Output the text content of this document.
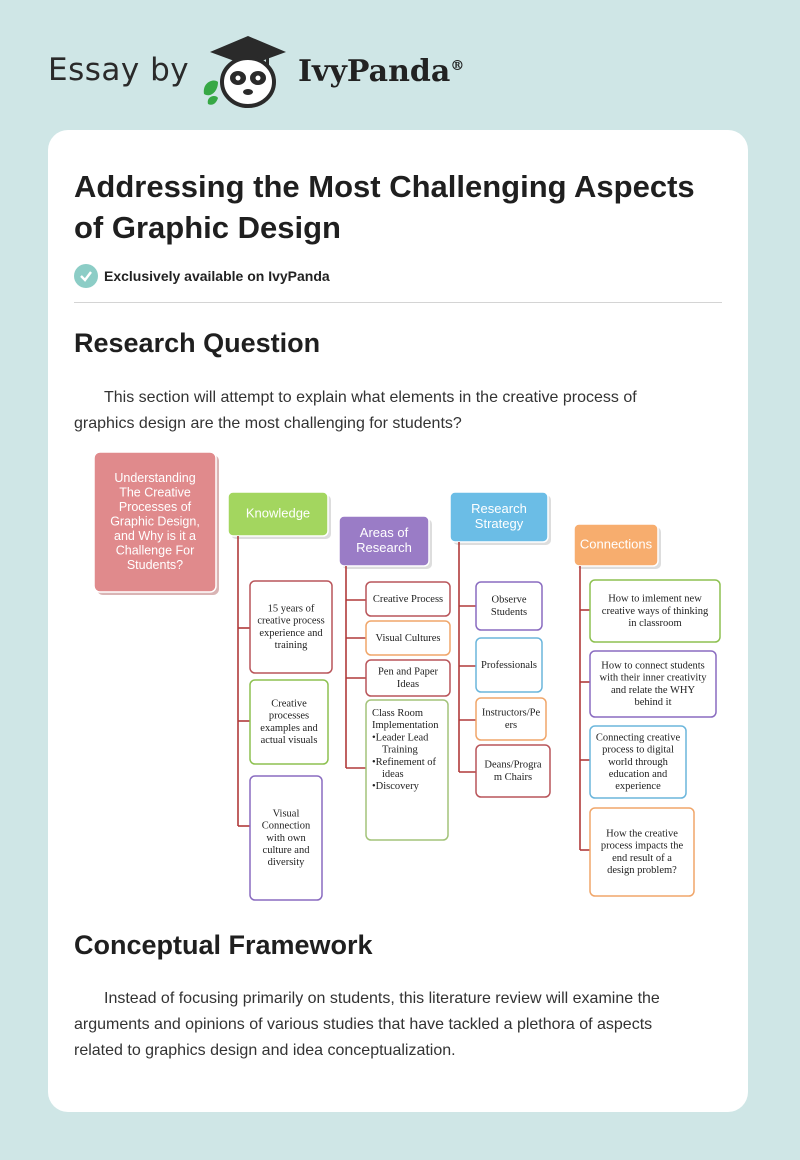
Essay by	IvyPanda®
Addressing the Most Challenging Aspects of Graphic Design
Exclusively available on IvyPanda
Research Question

This section will attempt to explain what elements in the creative process of graphics design are the most challenging for students?

Understanding The Creative Processes of Graphic Design, and Why is it a Challenge For Students?
Knowledge
15 years of creative process experience and training
Creative processes examples and actual visuals
Visual Connection with own culture and diversity
Areas of Research
Creative Process
Visual Cultures
Pen and Paper Ideas
Class Room Implementation •Leader Lead Training •Refinement of ideas •Discovery
Research Strategy
Observe Students
Professionals
Instructors/Pe ers
Deans/Progra m Chairs
Connections
How to imlement new creative ways of thinking in classroom
How to connect students with their inner creativity and relate the WHY behind it
Connecting creative process to digital world through education and experience
How the creative process impacts the end result of a design problem?
Conceptual Framework

Instead of focusing primarily on students, this literature review will examine the arguments and opinions of various studies that have tackled a plethora of aspects related to graphics design and idea conceptualization.
